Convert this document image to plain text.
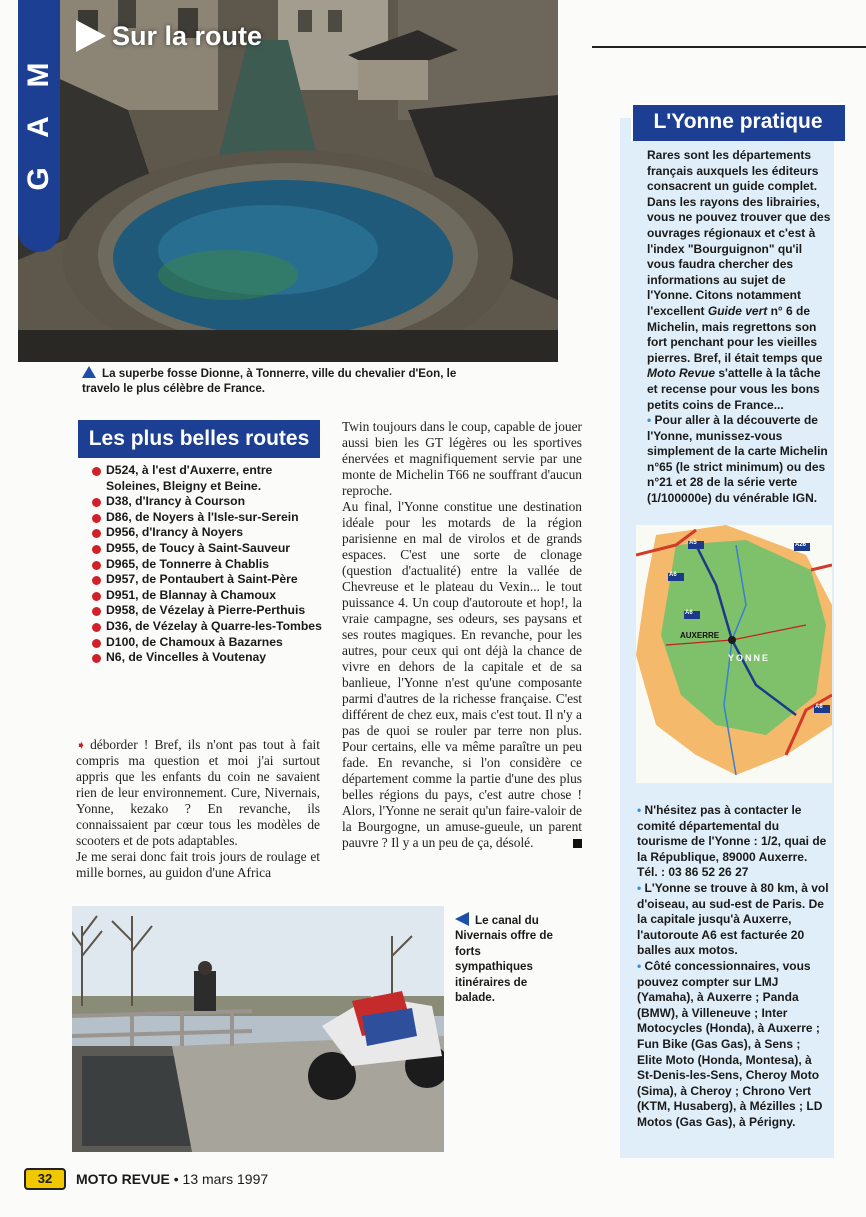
M
A
G
Sur la route
La superbe fosse Dionne, à Tonnerre, ville du chevalier d'Eon, le travelo le plus célèbre de France.
L'Yonne pratique
Rares sont les départements français auxquels les éditeurs consacrent un guide complet. Dans les rayons des librairies, vous ne pouvez trouver que des ouvrages régionaux et c'est à l'index "Bourguignon" qu'il vous faudra chercher des informations au sujet de l'Yonne. Citons notamment l'excellent Guide vert n° 6 de Michelin, mais regrettons son fort penchant pour les vieilles pierres. Bref, il était temps que Moto Revue s'attelle à la tâche et recense pour vous les bons petits coins de France...
• Pour aller à la découverte de l'Yonne, munissez-vous simplement de la carte Michelin n°65 (le strict minimum) ou des n°21 et 28 de la série verte (1/100000e) du vénérable IGN.
A5	A26
A6
A6
A6
AUXERRE
YONNE
• N'hésitez pas à contacter le comité départemental du tourisme de l'Yonne : 1/2, quai de la République, 89000 Auxerre. Tél. : 03 86 52 26 27
• L'Yonne se trouve à 80 km, à vol d'oiseau, au sud-est de Paris. De la capitale jusqu'à Auxerre, l'autoroute A6 est facturée 20 balles aux motos.
• Côté concessionnaires, vous pouvez compter sur LMJ (Yamaha), à Auxerre ; Panda (BMW), à Villeneuve ; Inter Motocycles (Honda), à Auxerre ; Fun Bike (Gas Gas), à Sens ; Elite Moto (Honda, Montesa), à St-Denis-les-Sens, Cheroy Moto (Sima), à Cheroy ; Chrono Vert (KTM, Husaberg), à Mézilles ; LD Motos (Gas Gas), à Périgny.
Les plus belles routes
D524, à l'est d'Auxerre, entre Soleines, Bleigny et Beine.
D38, d'Irancy à Courson
D86, de Noyers à l'Isle-sur-Serein
D956, d'Irancy à Noyers
D955, de Toucy à Saint-Sauveur
D965, de Tonnerre à Chablis
D957, de Pontaubert à Saint-Père
D951, de Blannay à Chamoux
D958, de Vézelay à Pierre-Perthuis
D36, de Vézelay à Quarre-les-Tombes
D100, de Chamoux à Bazarnes
N6, de Vincelles à Voutenay

Twin toujours dans le coup, capable de jouer aussi bien les GT légères ou les sportives énervées et magnifiquement servie par une monte de Michelin T66 ne souffrant d'aucun reproche.

Au final, l'Yonne constitue une destination idéale pour les motards de la région parisienne en mal de virolos et de grands espaces. C'est une sorte de clonage (question d'actualité) entre la vallée de Chevreuse et le plateau du Vexin... le tout puissance 4. Un coup d'autoroute et hop!, la vraie campagne, ses odeurs, ses paysans et ses routes magiques. En revanche, pour les autres, pour ceux qui ont déjà la chance de vivre en dehors de la capitale et de sa banlieue, l'Yonne n'est qu'une composante parmi d'autres de la richesse française. C'est différent de chez eux, mais c'est tout. Il n'y a pas de quoi se rouler par terre non plus. Pour certains, elle va même paraître un peu fade. En revanche, si l'on considère ce département comme la partie d'une des plus belles régions du pays, c'est autre chose ! Alors, l'Yonne ne serait qu'un faire-valoir de la Bourgogne, un amuse-gueule, un parent pauvre ? Il y a un peu de ça, désolé.

➧ déborder ! Bref, ils n'ont pas tout à fait compris ma question et moi j'ai surtout appris que les enfants du coin ne savaient rien de leur environnement. Cure, Nivernais, Yonne, kezako ? En revanche, ils connaissaient par cœur tous les modèles de scooters et de pots adaptables.

Je me serai donc fait trois jours de roulage et mille bornes, au guidon d'une Africa

Le canal du Nivernais offre de forts sympathiques itinéraires de balade.
32	MOTO REVUE • 13 mars 1997
